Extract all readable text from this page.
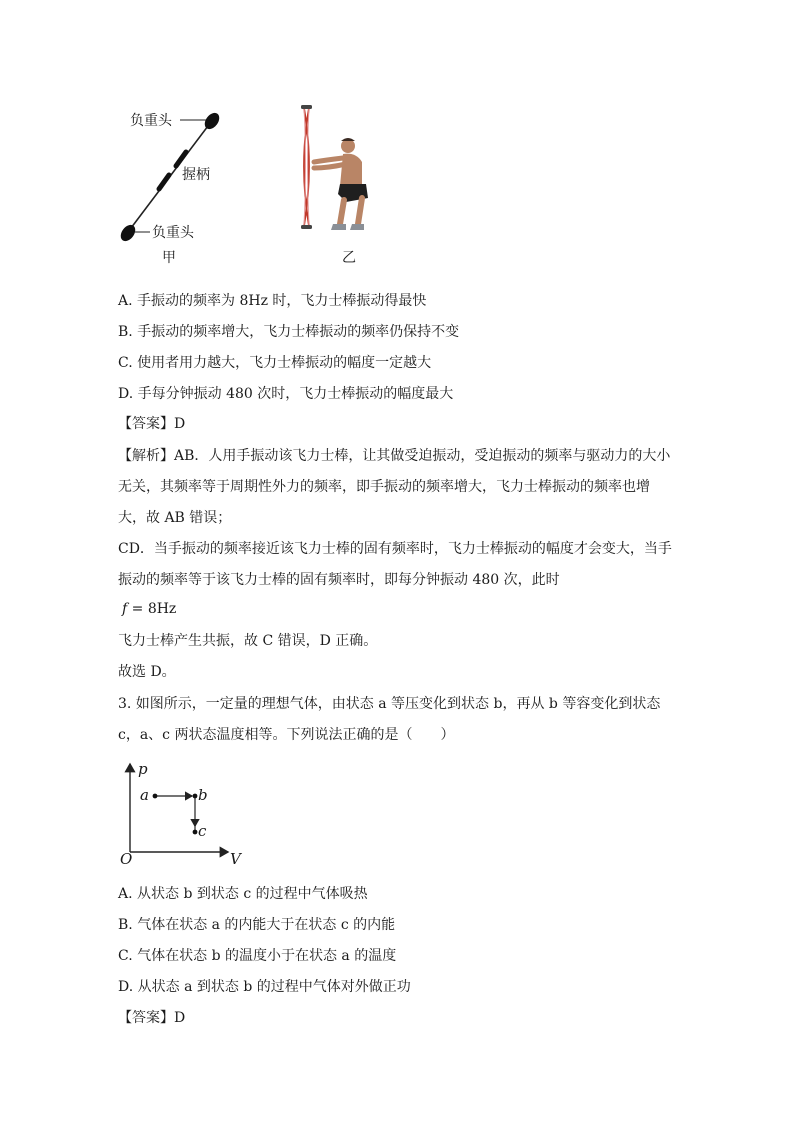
负重头
握柄
负重头
甲	乙
A. 手振动的频率为 8Hz 时，飞力士棒振动得最快
B. 手振动的频率增大，飞力士棒振动的频率仍保持不变
C. 使用者用力越大，飞力士棒振动的幅度一定越大
D. 手每分钟振动 480 次时，飞力士棒振动的幅度最大
【答案】D
【解析】AB．人用手振动该飞力士棒，让其做受迫振动，受迫振动的频率与驱动力的大小
无关，其频率等于周期性外力的频率，即手振动的频率增大，飞力士棒振动的频率也增
大，故 AB 错误；
CD．当手振动的频率接近该飞力士棒的固有频率时，飞力士棒振动的幅度才会变大，当手
振动的频率等于该飞力士棒的固有频率时，即每分钟振动 480 次，此时
f = 8Hz
飞力士棒产生共振，故 C 错误，D 正确。
故选 D。
3. 如图所示，一定量的理想气体，由状态 a 等压变化到状态 b，再从 b 等容变化到状态
c，a、c 两状态温度相等。下列说法正确的是（　　）
p
V
O
a	b
c
A. 从状态 b 到状态 c 的过程中气体吸热
B. 气体在状态 a 的内能大于在状态 c 的内能
C. 气体在状态 b 的温度小于在状态 a 的温度
D. 从状态 a 到状态 b 的过程中气体对外做正功
【答案】D
